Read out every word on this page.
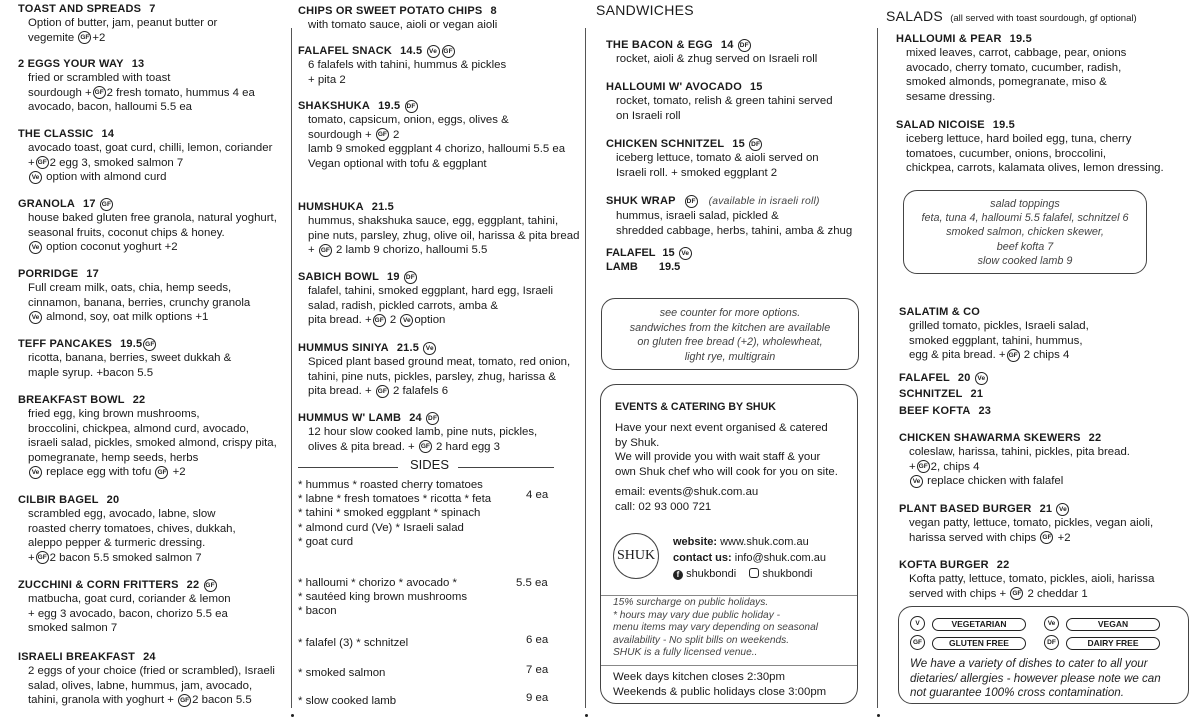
TOAST AND SPREADS 7
Option of butter, jam, peanut butter or
vegemite GF +2
2 EGGS YOUR WAY 13
fried or scrambled with toast
sourdough + GF 2 fresh tomato, hummus 4 ea
avocado, bacon, halloumi 5.5 ea
THE CLASSIC 14
avocado toast, goat curd, chilli, lemon, coriander
+ GF 2 egg 3, smoked salmon 7
Ve option with almond curd
GRANOLA 17 GF
house baked gluten free granola, natural yoghurt,
seasonal fruits, coconut chips & honey.
Ve option coconut yoghurt +2
PORRIDGE 17
Full cream milk, oats, chia, hemp seeds,
cinnamon, banana, berries, crunchy granola
Ve almond, soy, oat milk options +1
TEFF PANCAKES 19.5 GF
ricotta, banana, berries, sweet dukkah &
maple syrup. +bacon 5.5
BREAKFAST BOWL 22
fried egg, king brown mushrooms,
broccolini, chickpea, almond curd, avocado,
israeli salad, pickles, smoked almond, crispy pita,
pomegranate, hemp seeds, herbs
Ve replace egg with tofu GF +2
CILBIR BAGEL 20
scrambled egg, avocado, labne, slow
roasted cherry tomatoes, chives, dukkah,
aleppo pepper & turmeric dressing.
+ GF 2 bacon 5.5 smoked salmon 7
ZUCCHINI & CORN FRITTERS 22 GF
matbucha, goat curd, coriander & lemon
+ egg 3 avocado, bacon, chorizo 5.5 ea
smoked salmon 7
ISRAELI BREAKFAST 24
2 eggs of your choice (fried or scrambled), Israeli
salad, olives, labne, hummus, jam, avocado,
tahini, granola with yoghurt + GF 2 bacon 5.5
CHIPS OR SWEET POTATO CHIPS 8
with tomato sauce, aioli or vegan aioli
FALAFEL SNACK 14.5 Ve GF
6 falafels with tahini, hummus & pickles
+ pita 2
SHAKSHUKA 19.5 DF
tomato, capsicum, onion, eggs, olives &
sourdough + GF 2
lamb 9 smoked eggplant 4 chorizo, halloumi 5.5 ea
Vegan optional with tofu & eggplant
HUMSHUKA 21.5
hummus, shakshuka sauce, egg, eggplant, tahini,
pine nuts, parsley, zhug, olive oil, harissa & pita bread
+ GF 2 lamb 9 chorizo, halloumi 5.5
SABICH BOWL 19 DF
falafel, tahini, smoked eggplant, hard egg, Israeli
salad, radish, pickled carrots, amba &
pita bread. + GF 2 Ve option
HUMMUS SINIYA 21.5 Ve
Spiced plant based ground meat, tomato, red onion,
tahini, pine nuts, pickles, parsley, zhug, harissa &
pita bread. + GF 2 falafels 6
HUMMUS W' LAMB 24 DF
12 hour slow cooked lamb, pine nuts, pickles,
olives & pita bread. + GF 2 hard egg 3
SIDES
* hummus * roasted cherry tomatoes
* labne * fresh tomatoes * ricotta * feta
* tahini * smoked eggplant * spinach
* almond curd (Ve) * Israeli salad
* goat curd
4 ea
* halloumi * chorizo * avocado *
* sautéed king brown mushrooms
* bacon
5.5 ea
* falafel (3) * schnitzel	6 ea
* smoked salmon	7 ea
* slow cooked lamb	9 ea
SANDWICHES
THE BACON & EGG 14 DF
rocket, aioli & zhug served on Israeli roll
HALLOUMI W' AVOCADO 15
rocket, tomato, relish & green tahini served
on Israeli roll
CHICKEN SCHNITZEL 15 DF
iceberg lettuce, tomato & aioli served on
Israeli roll. + smoked eggplant 2
SHUK WRAP DF (available in israeli roll)
hummus, israeli salad, pickled &
shredded cabbage, herbs, tahini, amba & zhug
FALAFEL 15 Ve
LAMB 19.5
see counter for more options.
sandwiches from the kitchen are available
on gluten free bread (+2), wholewheat,
light rye, multigrain
EVENTS & CATERING BY SHUK
Have your next event organised & catered
by Shuk.
We will provide you with wait staff & your
own Shuk chef who will cook for you on site.
email: events@shuk.com.au
call: 02 93 000 721
SHUK
website: www.shuk.com.au
contact us: info@shuk.com.au
f shukbondi shukbondi
15% surcharge on public holidays.
* hours may vary due public holiday -
menu items may vary depending on seasonal
availability - No split bills on weekends.
SHUK is a fully licensed venue..
Week days kitchen closes 2:30pm
Weekends & public holidays close 3:00pm
SALADS (all served with toast sourdough, gf optional)
HALLOUMI & PEAR 19.5
mixed leaves, carrot, cabbage, pear, onions
avocado, cherry tomato, cucumber, radish,
smoked almonds, pomegranate, miso &
sesame dressing.
SALAD NICOISE 19.5
iceberg lettuce, hard boiled egg, tuna, cherry
tomatoes, cucumber, onions, broccolini,
chickpea, carrots, kalamata olives, lemon dressing.
salad toppings
feta, tuna 4, halloumi 5.5 falafel, schnitzel 6
smoked salmon, chicken skewer,
beef kofta 7
slow cooked lamb 9
SALATIM & CO
grilled tomato, pickles, Israeli salad,
smoked eggplant, tahini, hummus,
egg & pita bread. + GF 2 chips 4
FALAFEL 20 Ve
SCHNITZEL 21
BEEF KOFTA 23
CHICKEN SHAWARMA SKEWERS 22
coleslaw, harissa, tahini, pickles, pita bread.
+ GF 2, chips 4
Ve replace chicken with falafel
PLANT BASED BURGER 21 Ve
vegan patty, lettuce, tomato, pickles, vegan aioli,
harissa served with chips GF +2
KOFTA BURGER 22
Kofta patty, lettuce, tomato, pickles, aioli, harissa
served with chips + GF 2 cheddar 1
V	VEGETARIAN	Ve	VEGAN
GF	GLUTEN FREE	DF	DAIRY FREE
We have a variety of dishes to cater to all your
dietaries/ allergies - however please note we can
not guarantee 100% cross contamination.
